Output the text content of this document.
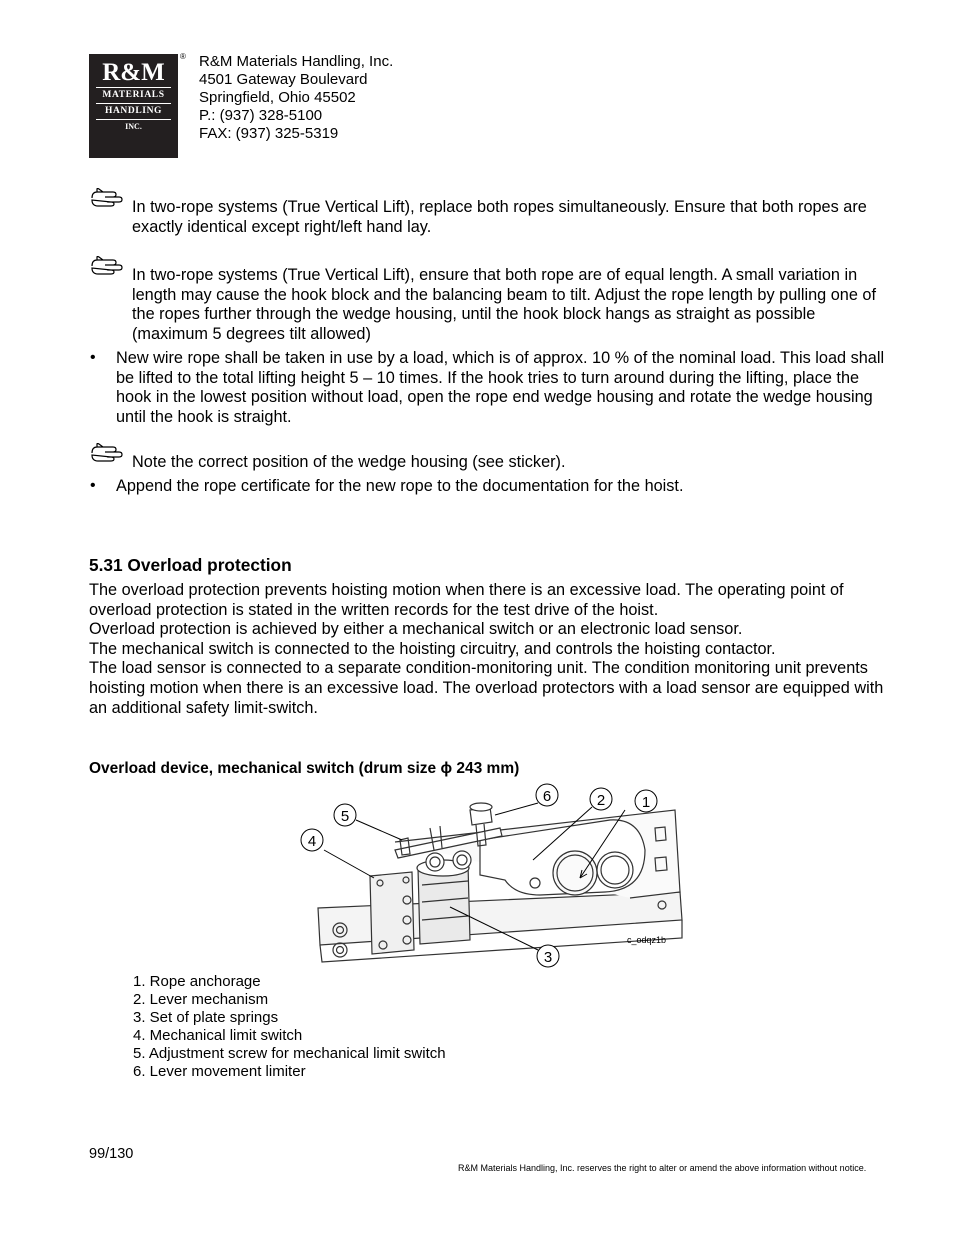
R&M
MATERIALS
HANDLING
INC.
® R&M Materials Handling, Inc.
4501 Gateway Boulevard
Springfield, Ohio 45502
P.: (937) 328-5100
FAX: (937) 325-5319
In two-rope systems (True Vertical Lift), replace both ropes simultaneously. Ensure that both ropes are exactly identical except right/left hand lay.
In two-rope systems (True Vertical Lift), ensure that both rope are of equal length. A small variation in length may cause the hook block and the balancing beam to tilt. Adjust the rope length by pulling one of the ropes further through the wedge housing, until the hook block hangs as straight as possible (maximum 5 degrees tilt allowed)
• New wire rope shall be taken in use by a load, which is of approx. 10 % of the nominal load. This load shall be lifted to the total lifting height 5 – 10 times. If the hook tries to turn around during the lifting, place the hook in the lowest position without load, open the rope end wedge housing and rotate the wedge housing until the hook is straight.
Note the correct position of the wedge housing (see sticker).
• Append the rope certificate for the new rope to the documentation for the hoist.
5.31 Overload protection
The overload protection prevents hoisting motion when there is an excessive load. The operating point of overload protection is stated in the written records for the test drive of the hoist.
Overload protection is achieved by either a mechanical switch or an electronic load sensor.
The mechanical switch is connected to the hoisting circuitry, and controls the hoisting contactor.
The load sensor is connected to a separate condition-monitoring unit. The condition monitoring unit prevents hoisting motion when there is an excessive load. The overload protectors with a load sensor are equipped with an additional safety limit-switch.
Overload device, mechanical switch (drum size ϕ 243 mm)
1
2
3
4
5
6
c_odqz1b
1. Rope anchorage
2. Lever mechanism
3. Set of plate springs
4. Mechanical limit switch
5. Adjustment screw for mechanical limit switch
6. Lever movement limiter
99/130
R&M Materials Handling, Inc. reserves the right to alter or amend the above information without notice.
